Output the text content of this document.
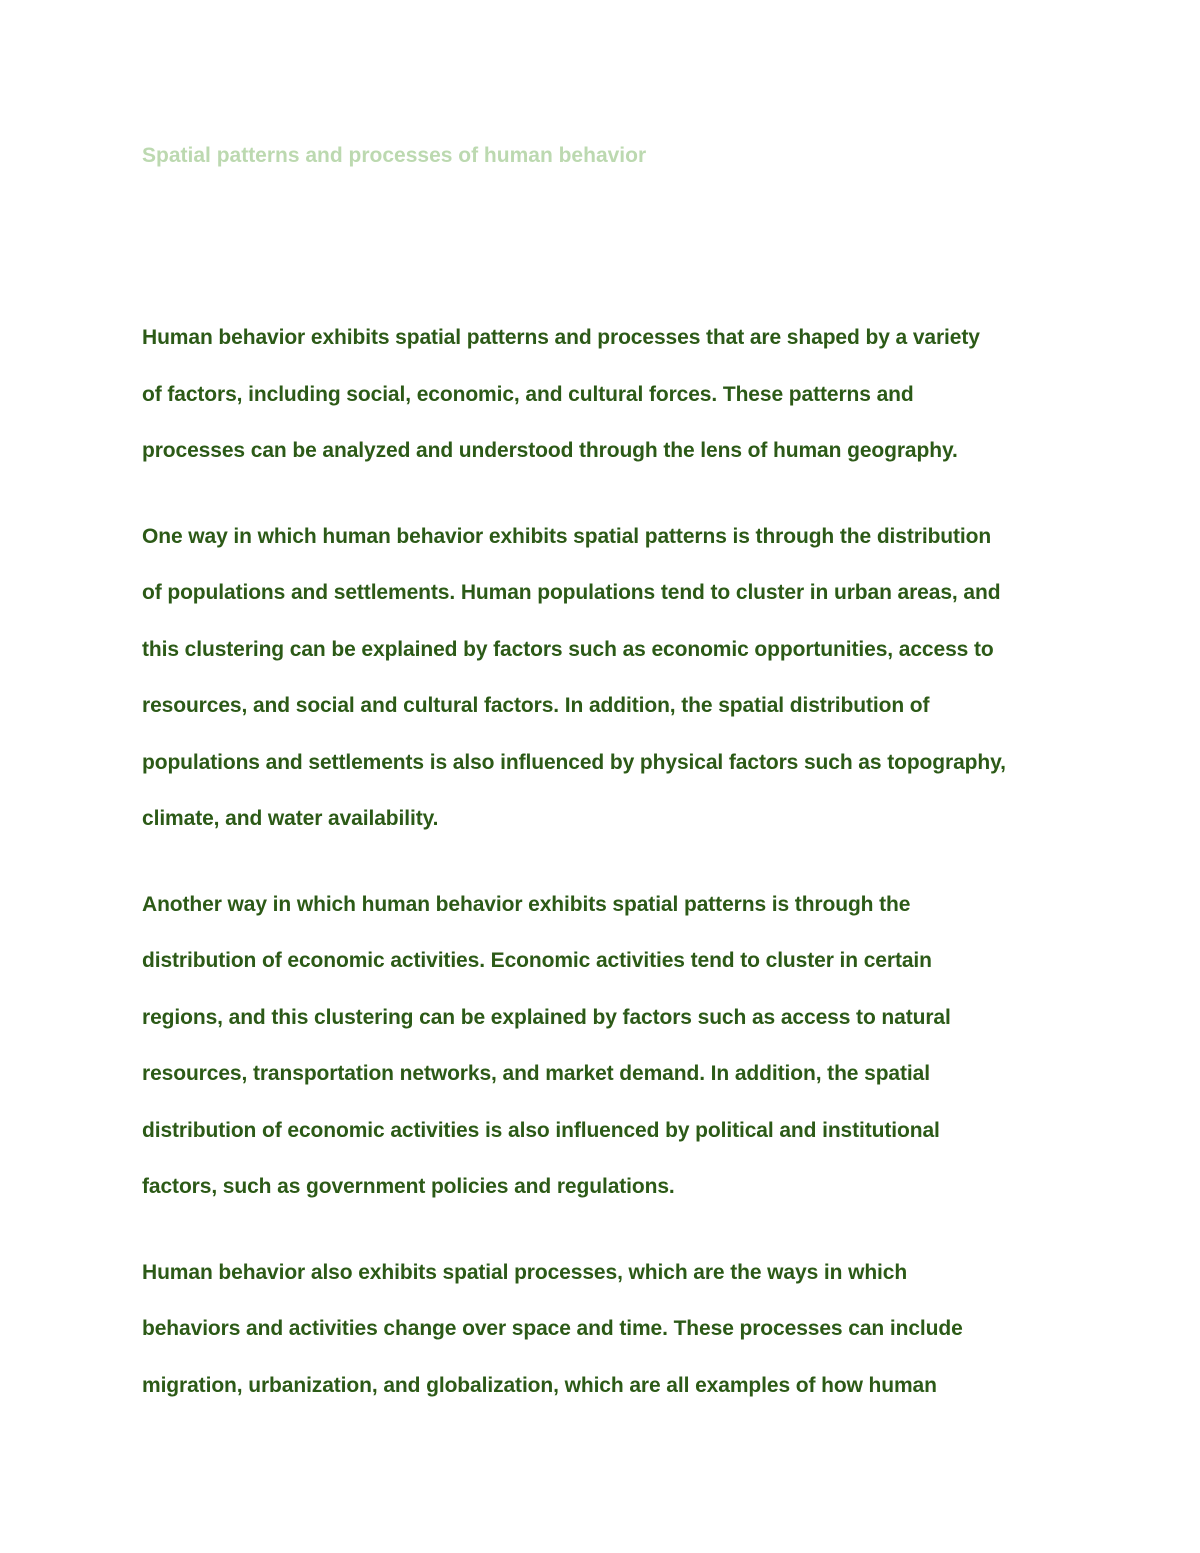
Spatial patterns and processes of human behavior

Human behavior exhibits spatial patterns and processes that are shaped by a variety
of factors, including social, economic, and cultural forces. These patterns and
processes can be analyzed and understood through the lens of human geography.

One way in which human behavior exhibits spatial patterns is through the distribution
of populations and settlements. Human populations tend to cluster in urban areas, and
this clustering can be explained by factors such as economic opportunities, access to
resources, and social and cultural factors. In addition, the spatial distribution of
populations and settlements is also influenced by physical factors such as topography,
climate, and water availability.

Another way in which human behavior exhibits spatial patterns is through the
distribution of economic activities. Economic activities tend to cluster in certain
regions, and this clustering can be explained by factors such as access to natural
resources, transportation networks, and market demand. In addition, the spatial
distribution of economic activities is also influenced by political and institutional
factors, such as government policies and regulations.

Human behavior also exhibits spatial processes, which are the ways in which
behaviors and activities change over space and time. These processes can include
migration, urbanization, and globalization, which are all examples of how human
